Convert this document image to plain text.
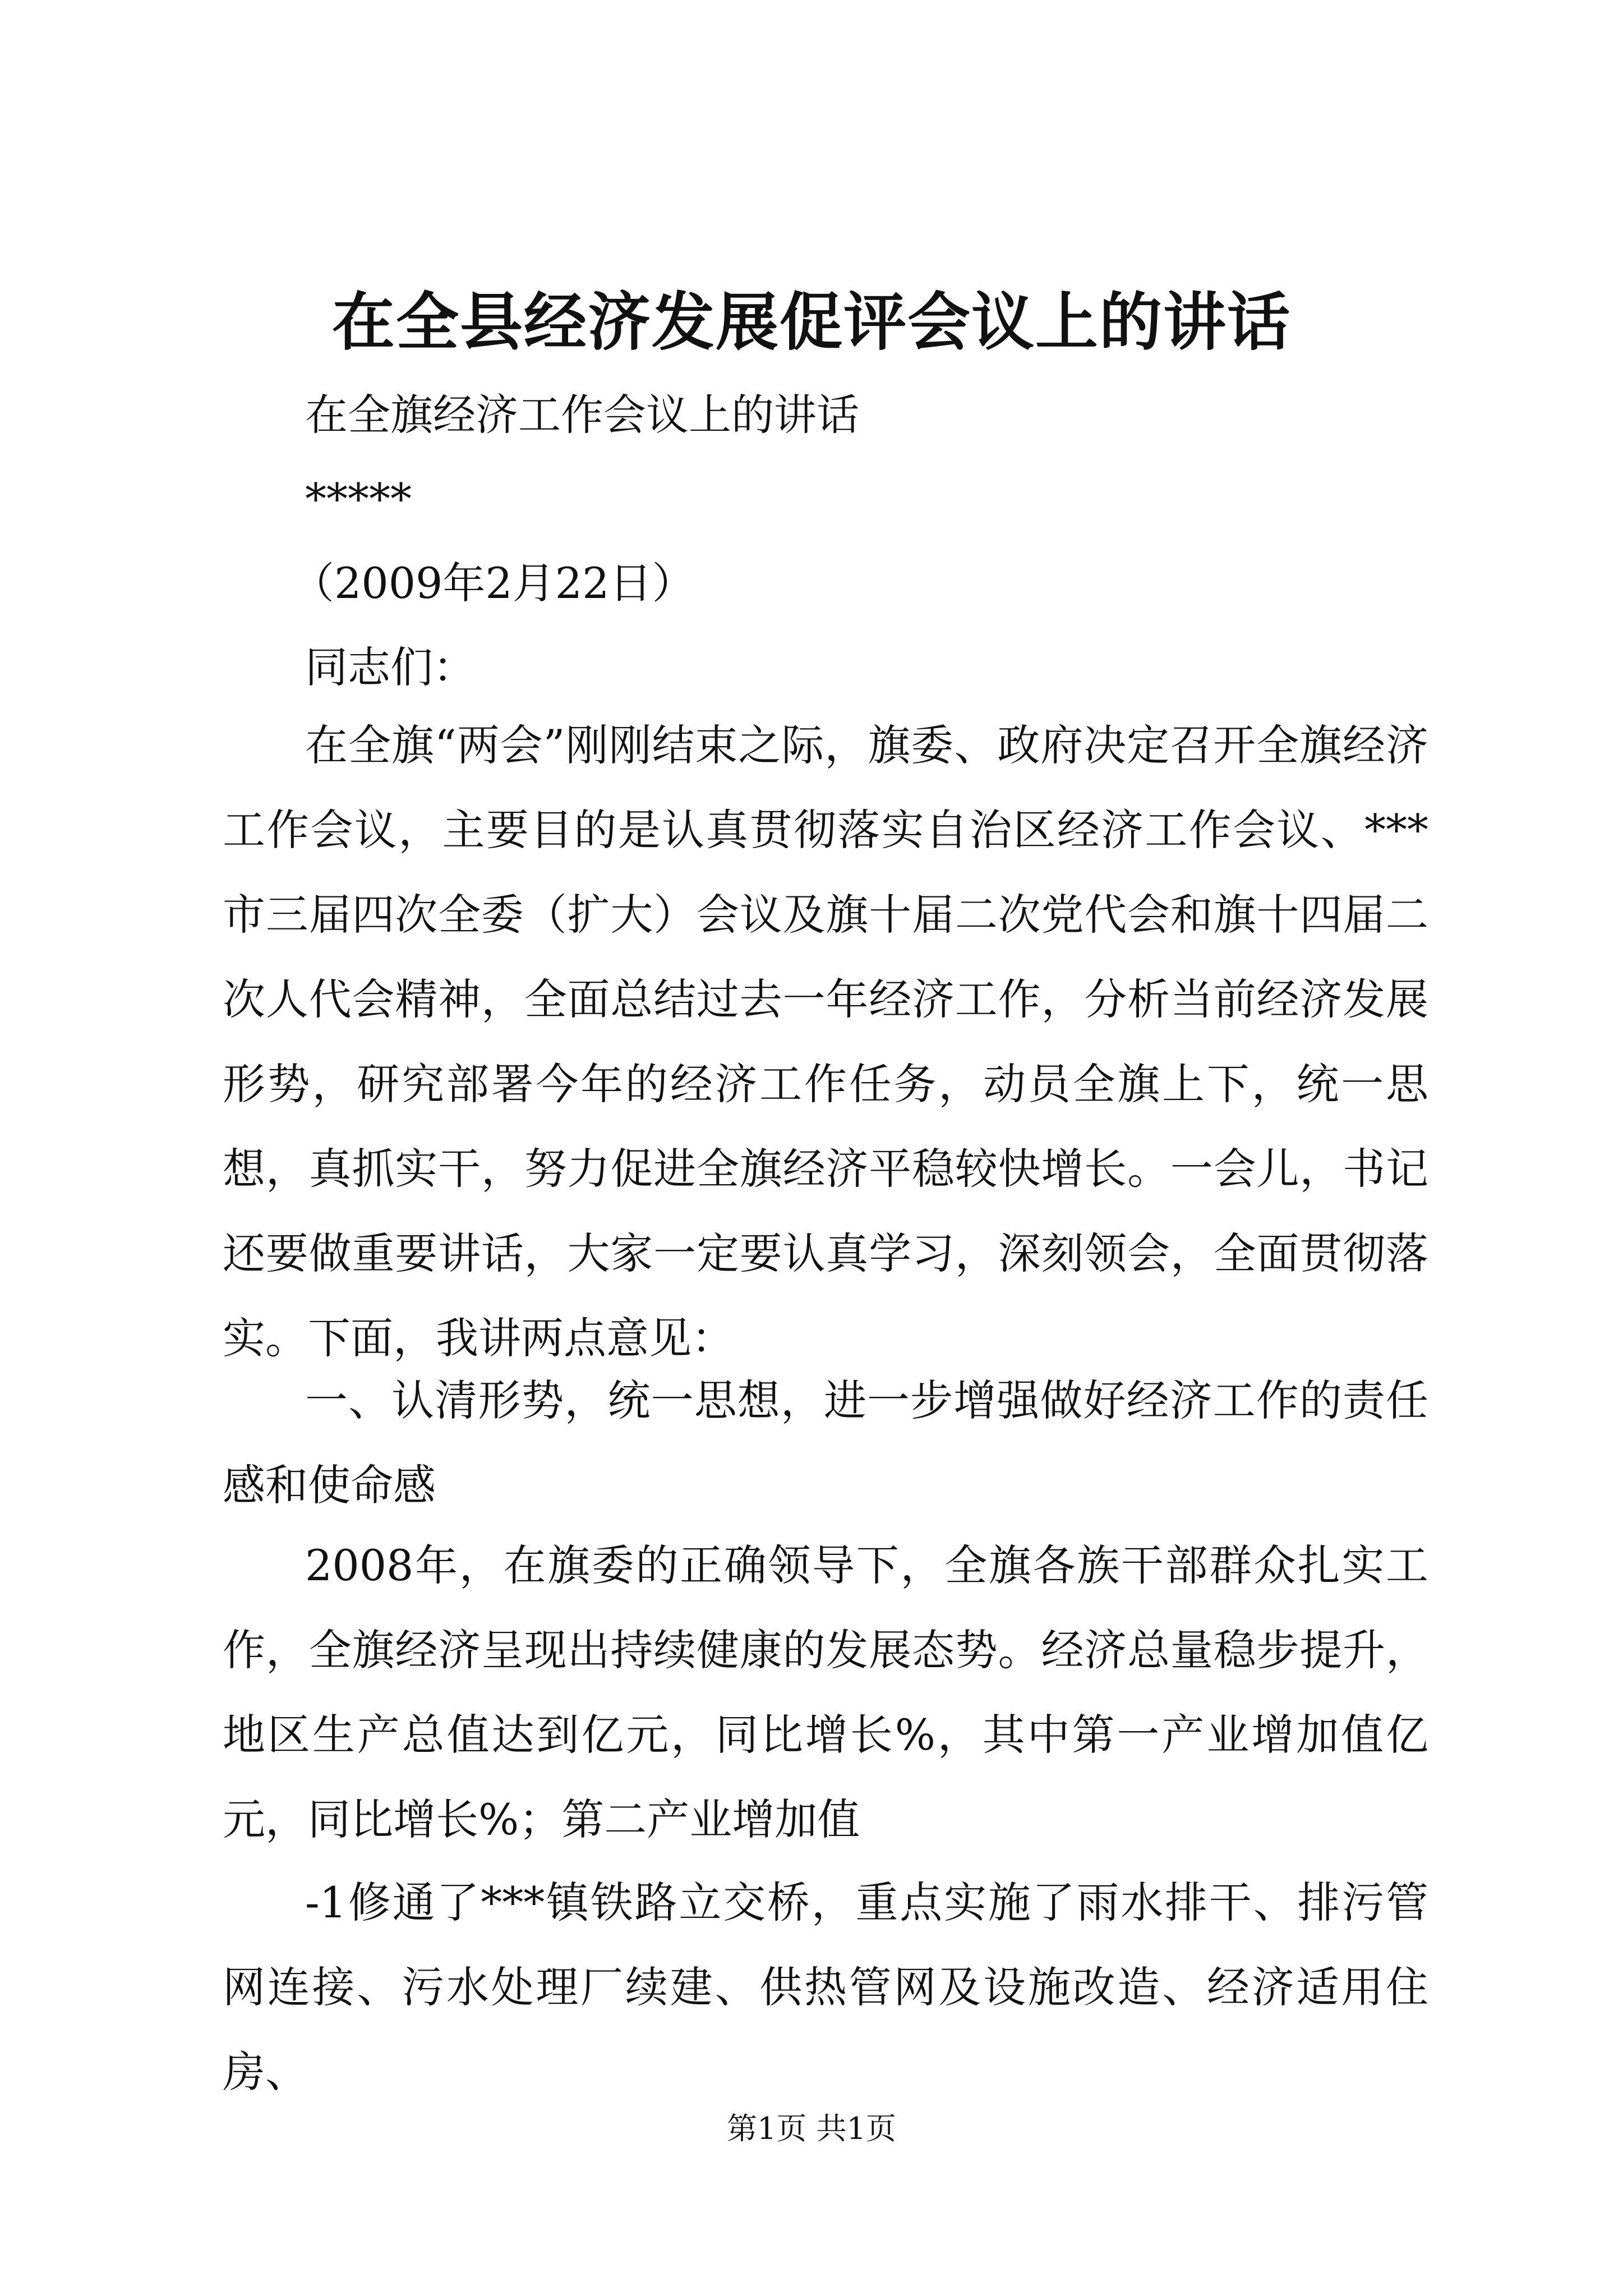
在全县经济发展促评会议上的讲话
在全旗经济工作会议上的讲话
*****
（2009年2月22日）
同志们：

在全旗“两会”刚刚结束之际，旗委、政府决定召开全旗经济工作会议，主要目的是认真贯彻落实自治区经济工作会议、***市三届四次全委（扩大）会议及旗十届二次党代会和旗十四届二次人代会精神，全面总结过去一年经济工作，分析当前经济发展形势，研究部署今年的经济工作任务，动员全旗上下，统一思想，真抓实干，努力促进全旗经济平稳较快增长。一会儿，书记还要做重要讲话，大家一定要认真学习，深刻领会，全面贯彻落实。下面，我讲两点意见：

一、认清形势，统一思想，进一步增强做好经济工作的责任感和使命感

2008年，在旗委的正确领导下，全旗各族干部群众扎实工作，全旗经济呈现出持续健康的发展态势。经济总量稳步提升，地区生产总值达到亿元，同比增长%，其中第一产业增加值亿元，同比增长%；第二产业增加值

-1修通了***镇铁路立交桥，重点实施了雨水排干、排污管网连接、污水处理厂续建、供热管网及设施改造、经济适用住房、

第1页 共1页
